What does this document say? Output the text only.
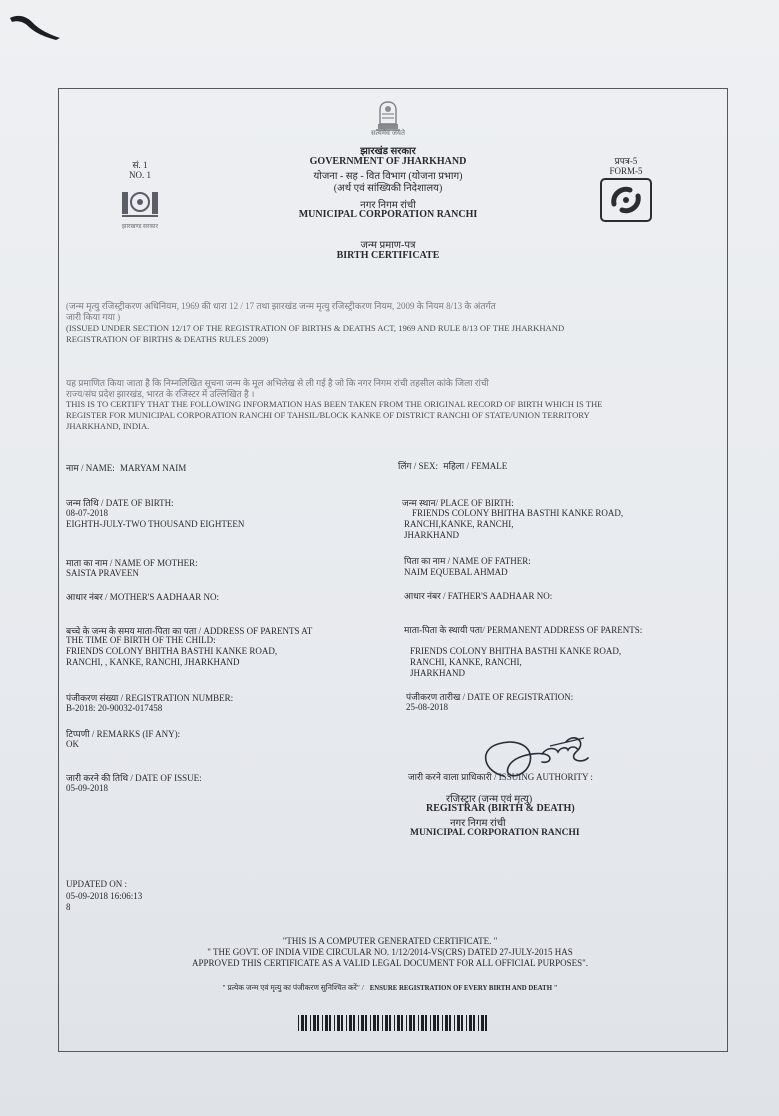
सत्यमेव जयते
सं. 1
NO. 1
झारखण्ड सरकार
झारखंड सरकार
GOVERNMENT OF JHARKHAND
योजना - सह - वित विभाग (योजना प्रभाग)
(अर्थ एवं सांख्यिकी निदेशालय)
नगर निगम रांची
MUNICIPAL CORPORATION RANCHI
जन्म प्रमाण-पत्र
BIRTH CERTIFICATE
प्रपत्र-5
FORM-5
(जन्म मृत्यु रजिस्ट्रीकरण अधिनियम, 1969 की धारा 12 / 17 तथा झारखंड जन्म मृत्यु रजिस्ट्रीकरण नियम, 2009 के नियम 8/13 के अंतर्गत
जारी किया गया )
(ISSUED UNDER SECTION 12/17 OF THE REGISTRATION OF BIRTHS & DEATHS ACT, 1969 AND RULE 8/13 OF THE JHARKHAND
REGISTRATION OF BIRTHS & DEATHS RULES 2009)
यह प्रमाणित किया जाता है कि निम्नलिखित सूचना जन्म के मूल अभिलेख से ली गई है जो कि नगर निगम रांची तहसील कांके जिला रांची
राज्य/संघ प्रदेश झारखंड, भारत के रजिस्टर में उल्लिखित है ।
THIS IS TO CERTIFY THAT THE FOLLOWING INFORMATION HAS BEEN TAKEN FROM THE ORIGINAL RECORD OF BIRTH WHICH IS THE
REGISTER FOR MUNICIPAL CORPORATION RANCHI OF TAHSIL/BLOCK KANKE OF DISTRICT RANCHI OF STATE/UNION TERRITORY
JHARKHAND, INDIA.
नाम / NAME: MARYAM NAIM	लिंग / SEX: महिला / FEMALE
जन्म तिथि / DATE OF BIRTH:
08-07-2018
EIGHTH-JULY-TWO THOUSAND EIGHTEEN
जन्म स्थान/ PLACE OF BIRTH:
FRIENDS COLONY BHITHA BASTHI KANKE ROAD,
RANCHI,KANKE, RANCHI,
JHARKHAND
माता का नाम / NAME OF MOTHER:
SAISTA PRAVEEN
पिता का नाम / NAME OF FATHER:
NAIM EQUEBAL AHMAD
आधार नंबर / MOTHER'S AADHAAR NO:	आधार नंबर / FATHER'S AADHAAR NO:
बच्चे के जन्म के समय माता-पिता का पता / ADDRESS OF PARENTS AT
THE TIME OF BIRTH OF THE CHILD:
FRIENDS COLONY BHITHA BASTHI KANKE ROAD,
RANCHI, , KANKE, RANCHI, JHARKHAND
माता-पिता के स्थायी पता/ PERMANENT ADDRESS OF PARENTS:
FRIENDS COLONY BHITHA BASTHI KANKE ROAD,
RANCHI, KANKE, RANCHI,
JHARKHAND
पंजीकरण संख्या / REGISTRATION NUMBER:
B-2018: 20-90032-017458
पंजीकरण तारीख / DATE OF REGISTRATION:
25-08-2018
टिप्पणी / REMARKS (IF ANY):
OK
जारी करने की तिथि / DATE OF ISSUE:
05-09-2018
जारी करने वाला प्राधिकारी / ISSUING AUTHORITY :
रजिस्ट्रार (जन्म एवं मृत्यु)
REGISTRAR (BIRTH & DEATH)
नगर निगम रांची
MUNICIPAL CORPORATION RANCHI
UPDATED ON :
05-09-2018 16:06:13
8
"THIS IS A COMPUTER GENERATED CERTIFICATE. "
" THE GOVT. OF INDIA VIDE CIRCULAR NO. 1/12/2014-VS(CRS) DATED 27-JULY-2015 HAS
APPROVED THIS CERTIFICATE AS A VALID LEGAL DOCUMENT FOR ALL OFFICIAL PURPOSES".
" प्रत्येक जन्म एवं मृत्यु का पंजीकरण सुनिश्चित करें" / ENSURE REGISTRATION OF EVERY BIRTH AND DEATH "
